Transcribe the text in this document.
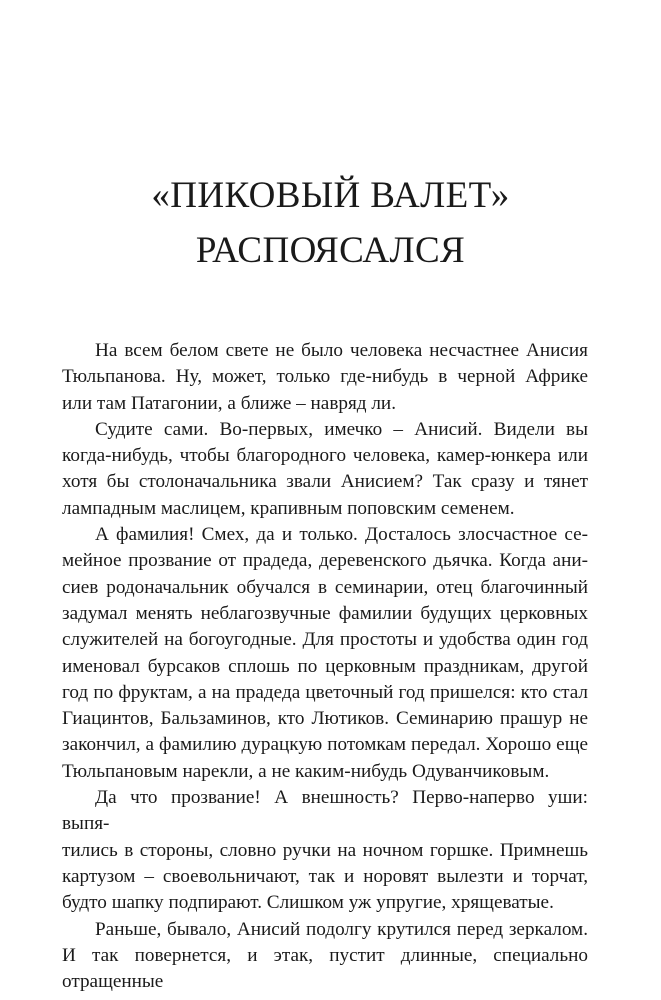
«ПИКОВЫЙ ВАЛЕТ»
РАСПОЯСАЛСЯ
На всем белом свете не было человека несчастнее Анисия
Тюльпанова. Ну, может, только где-нибудь в черной Африке
или там Патагонии, а ближе – навряд ли.
Судите сами. Во-первых, имечко – Анисий. Видели вы
когда-нибудь, чтобы благородного человека, камер-юнкера или
хотя бы столоначальника звали Анисием? Так сразу и тянет
лампадным маслицем, крапивным поповским семенем.
А фамилия! Смех, да и только. Досталось злосчастное се-
мейное прозвание от прадеда, деревенского дьячка. Когда ани-
сиев родоначальник обучался в семинарии, отец благочинный
задумал менять неблагозвучные фамилии будущих церковных
служителей на богоугодные. Для простоты и удобства один год
именовал бурсаков сплошь по церковным праздникам, другой
год по фруктам, а на прадеда цветочный год пришелся: кто стал
Гиацинтов, Бальзаминов, кто Лютиков. Семинарию прашур не
закончил, а фамилию дурацкую потомкам передал. Хорошо еще
Тюльпановым нарекли, а не каким-нибудь Одуванчиковым.
Да что прозвание! А внешность? Перво-наперво уши: выпя-
тились в стороны, словно ручки на ночном горшке. Примнешь
картузом – своевольничают, так и норовят вылезти и торчат,
будто шапку подпирают. Слишком уж упругие, хрящеватые.
Раньше, бывало, Анисий подолгу крутился перед зеркалом.
И так повернется, и этак, пустит длинные, специально отращенные
